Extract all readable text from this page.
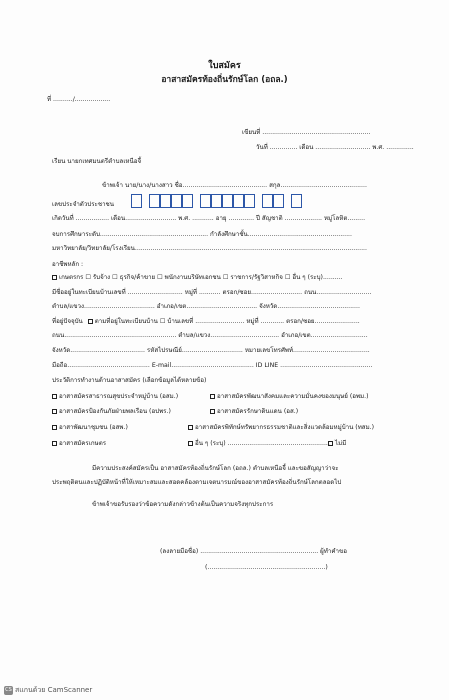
ใบสมัคร
อาสาสมัครท้องถิ่นรักษ์โลก (อถล.)
ที่ ........../..................
เขียนที่ .......................................................
วันที่ .............. เดือน ............................ พ.ศ. ..............
เรียน นายกเทศมนตรีตำบลเหนือจี้
ข้าพเจ้า นาย/นาง/นางสาว ชื่อ........................................... สกุล............................................
เลขประจำตัวประชาชน
เกิดวันที่ ................. เดือน.......................... พ.ศ. ........... อายุ ............. ปี สัญชาติ ................... หมู่โลหิต.........
จบการศึกษาระดับ....................................................... กำลังศึกษาชั้น.....................................................
มหาวิทยาลัย/วิทยาลัย/โรงเรียน......................................................................................................................
อาชีพหลัก :
เกษตรกร ☐ รับจ้าง ☐ ธุรกิจ/ค้าขาย ☐ พนักงานบริษัทเอกชน ☐ ราชการ/รัฐวิสาหกิจ ☐ อื่น ๆ (ระบุ)..........
มีชื่ออยู่ในทะเบียนบ้านเลขที่ ............................ หมู่ที่ ........... ตรอก/ซอย.......................... ถนน............................
ตำบล/แขวง.................................... อำเภอ/เขต.................................... จังหวัด..........................................
ที่อยู่ปัจจุบัน ตามที่อยู่ในทะเบียนบ้าน ☐ บ้านเลขที่ ......................... หมู่ที่ ............ ตรอก/ซอย.......................
ถนน......................................................... ตำบล/แขวง................................... อำเภอ/เขต.............................
จังหวัด...................................... รหัสไปรษณีย์............................... หมายเลขโทรศัพท์.......................................
มือถือ.......................................... E-mail.......................................... ID LINE ...............................................
ประวัติการทำงานด้านอาสาสมัคร (เลือกข้อมูลได้หลายข้อ)
อาสาสมัครสาธารณสุขประจำหมู่บ้าน (อสม.)	อาสาสมัครพัฒนาสังคมและความมั่นคงของมนุษย์ (อพม.)
อาสาสมัครป้องกันภัยฝ่ายพลเรือน (อปพร.)	อาสาสมัครรักษาดินแดน (อส.)
อาสาพัฒนาชุมชน (อสพ.)	อาสาสมัครพิทักษ์ทรัพยากรธรรมชาติและสิ่งแวดล้อมหมู่บ้าน (ทสม.)
อาสาสมัครเกษตร	อื่น ๆ (ระบุ) .................................................... ไม่มี
มีความประสงค์สมัครเป็น อาสาสมัครท้องถิ่นรักษ์โลก (อถล.) ตำบลเหนือจี้ และขอสัญญาว่าจะ
ประพฤติตนและปฏิบัติหน้าที่ให้เหมาะสมและสอดคล้องตามเจตนารมณ์ของอาสาสมัครท้องถิ่นรักษ์โลกตลอดไป
ข้าพเจ้าขอรับรองว่าข้อความดังกล่าวข้างต้นเป็นความจริงทุกประการ
(ลงลายมือชื่อ) ............................................................ ผู้ทำคำขอ
(............................................................)
CS สแกนด้วย CamScanner
